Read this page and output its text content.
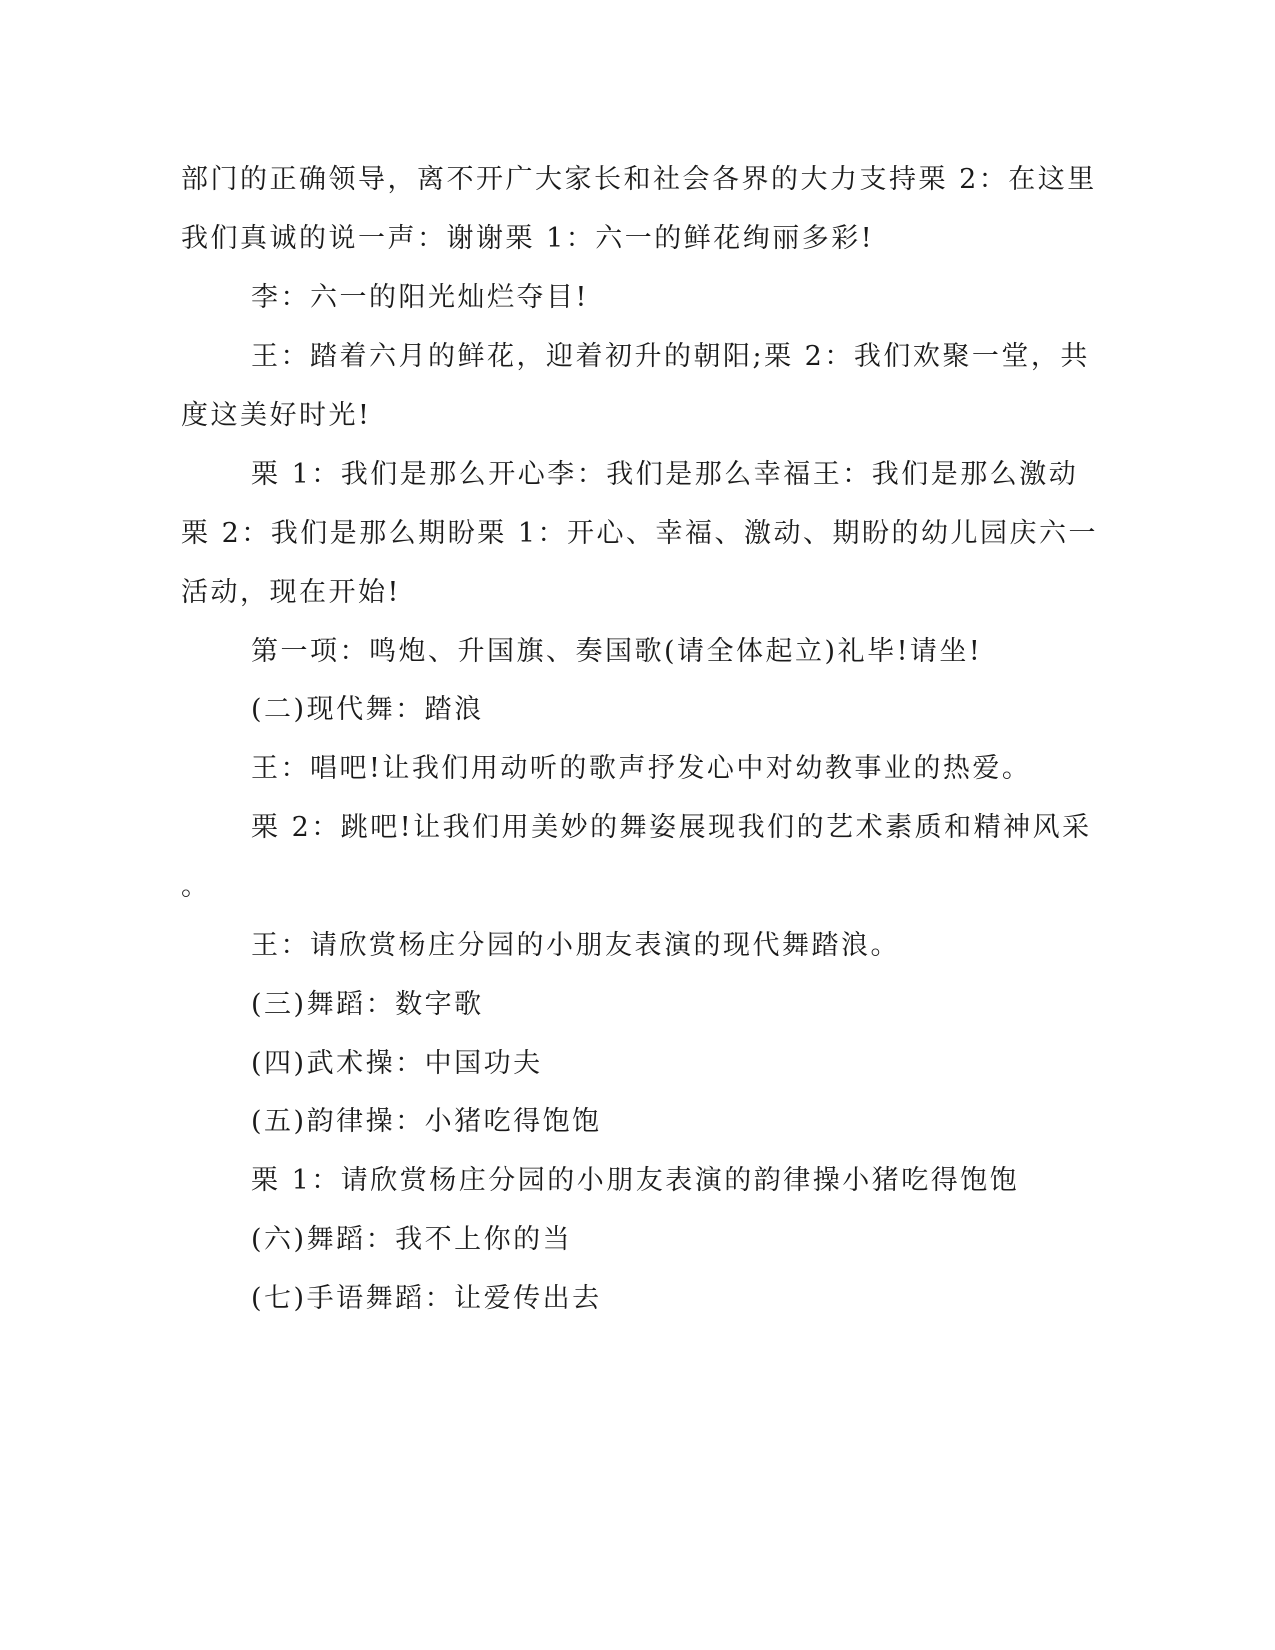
部门的正确领导，离不开广大家长和社会各界的大力支持栗 2：在这里
我们真诚的说一声：谢谢栗 1：六一的鲜花绚丽多彩!
李：六一的阳光灿烂夺目!
王：踏着六月的鲜花，迎着初升的朝阳;栗 2：我们欢聚一堂，共
度这美好时光!
栗 1：我们是那么开心李：我们是那么幸福王：我们是那么激动
栗 2：我们是那么期盼栗 1：开心、幸福、激动、期盼的幼儿园庆六一
活动，现在开始!
第一项：鸣炮、升国旗、奏国歌(请全体起立)礼毕!请坐!
(二)现代舞：踏浪
王：唱吧!让我们用动听的歌声抒发心中对幼教事业的热爱。
栗 2：跳吧!让我们用美妙的舞姿展现我们的艺术素质和精神风采
。
王：请欣赏杨庄分园的小朋友表演的现代舞踏浪。
(三)舞蹈：数字歌
(四)武术操：中国功夫
(五)韵律操：小猪吃得饱饱
栗 1：请欣赏杨庄分园的小朋友表演的韵律操小猪吃得饱饱
(六)舞蹈：我不上你的当
(七)手语舞蹈：让爱传出去
